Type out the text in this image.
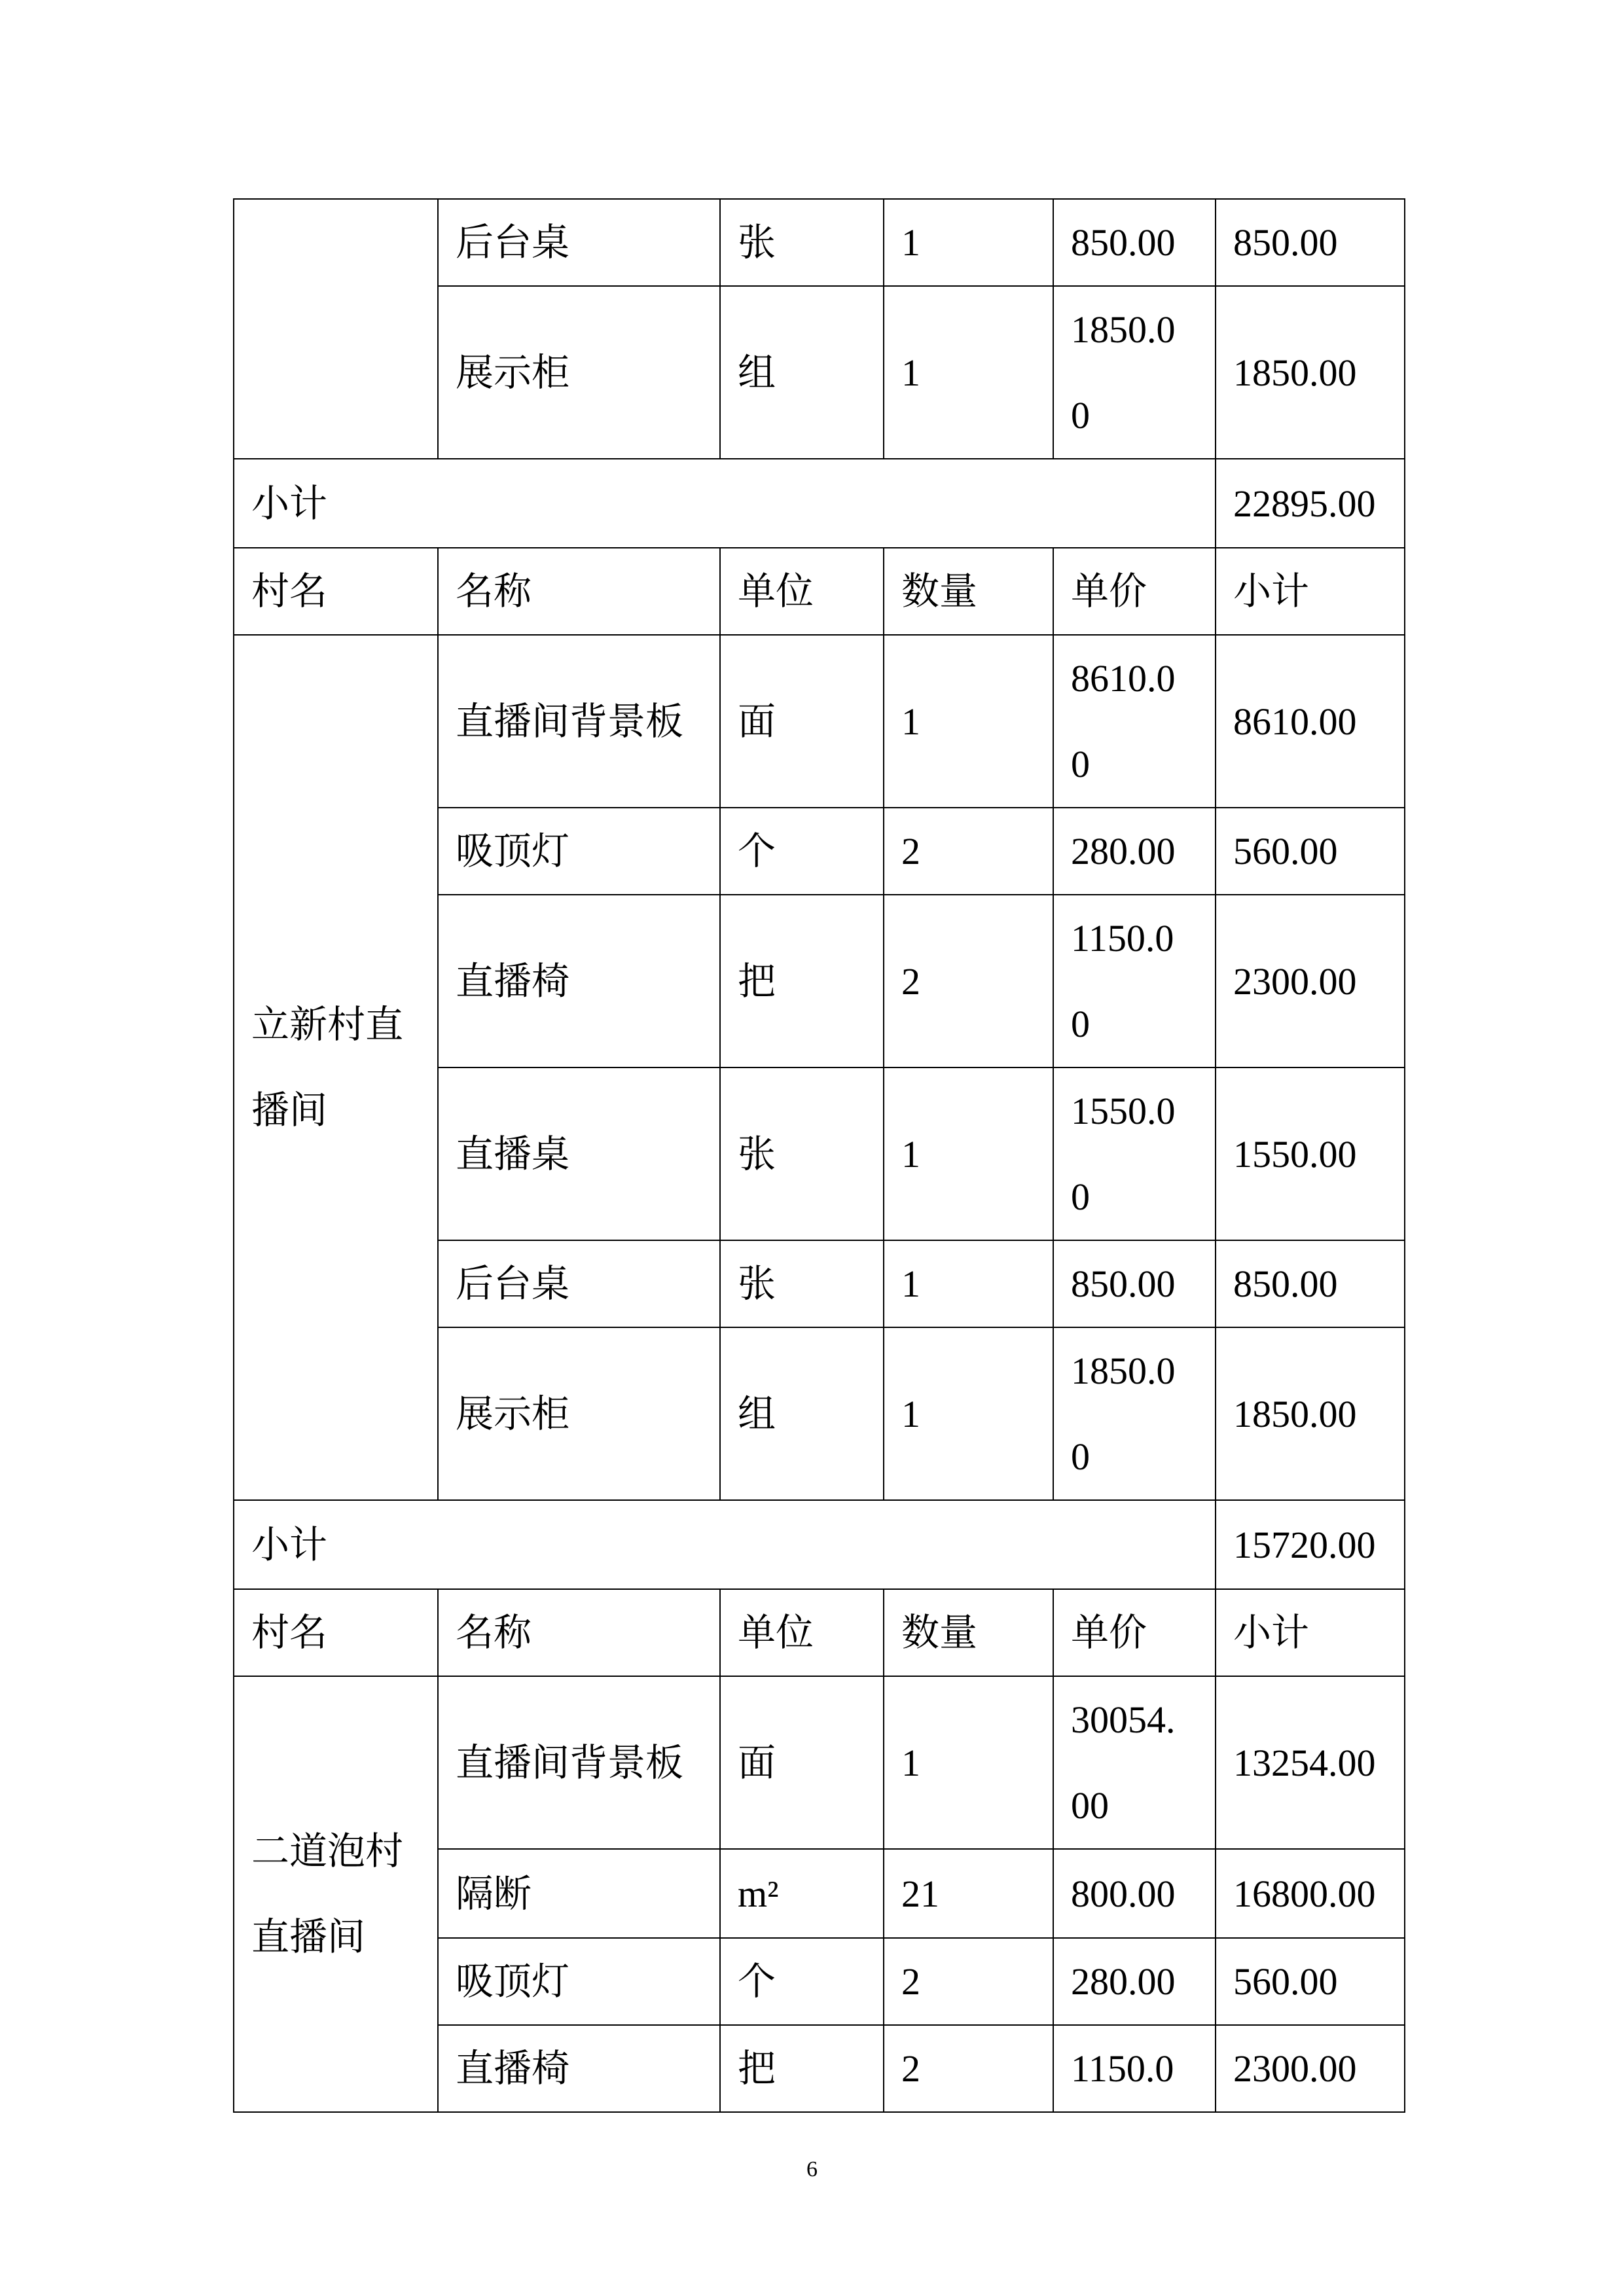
	后台桌	张	1	850.00	850.00
	展示柜	组	1	1850.00	1850.00
小计					22895.00
村名	名称	单位	数量	单价	小计
立新村直播间	直播间背景板	面	1	8610.00	8610.00
	吸顶灯	个	2	280.00	560.00
	直播椅	把	2	1150.00	2300.00
	直播桌	张	1	1550.00	1550.00
	后台桌	张	1	850.00	850.00
	展示柜	组	1	1850.00	1850.00
小计					15720.00
村名	名称	单位	数量	单价	小计
二道泡村直播间	直播间背景板	面	1	30054.00	13254.00
	隔断	m²	21	800.00	16800.00
	吸顶灯	个	2	280.00	560.00
	直播椅	把	2	1150.0	2300.00
6
